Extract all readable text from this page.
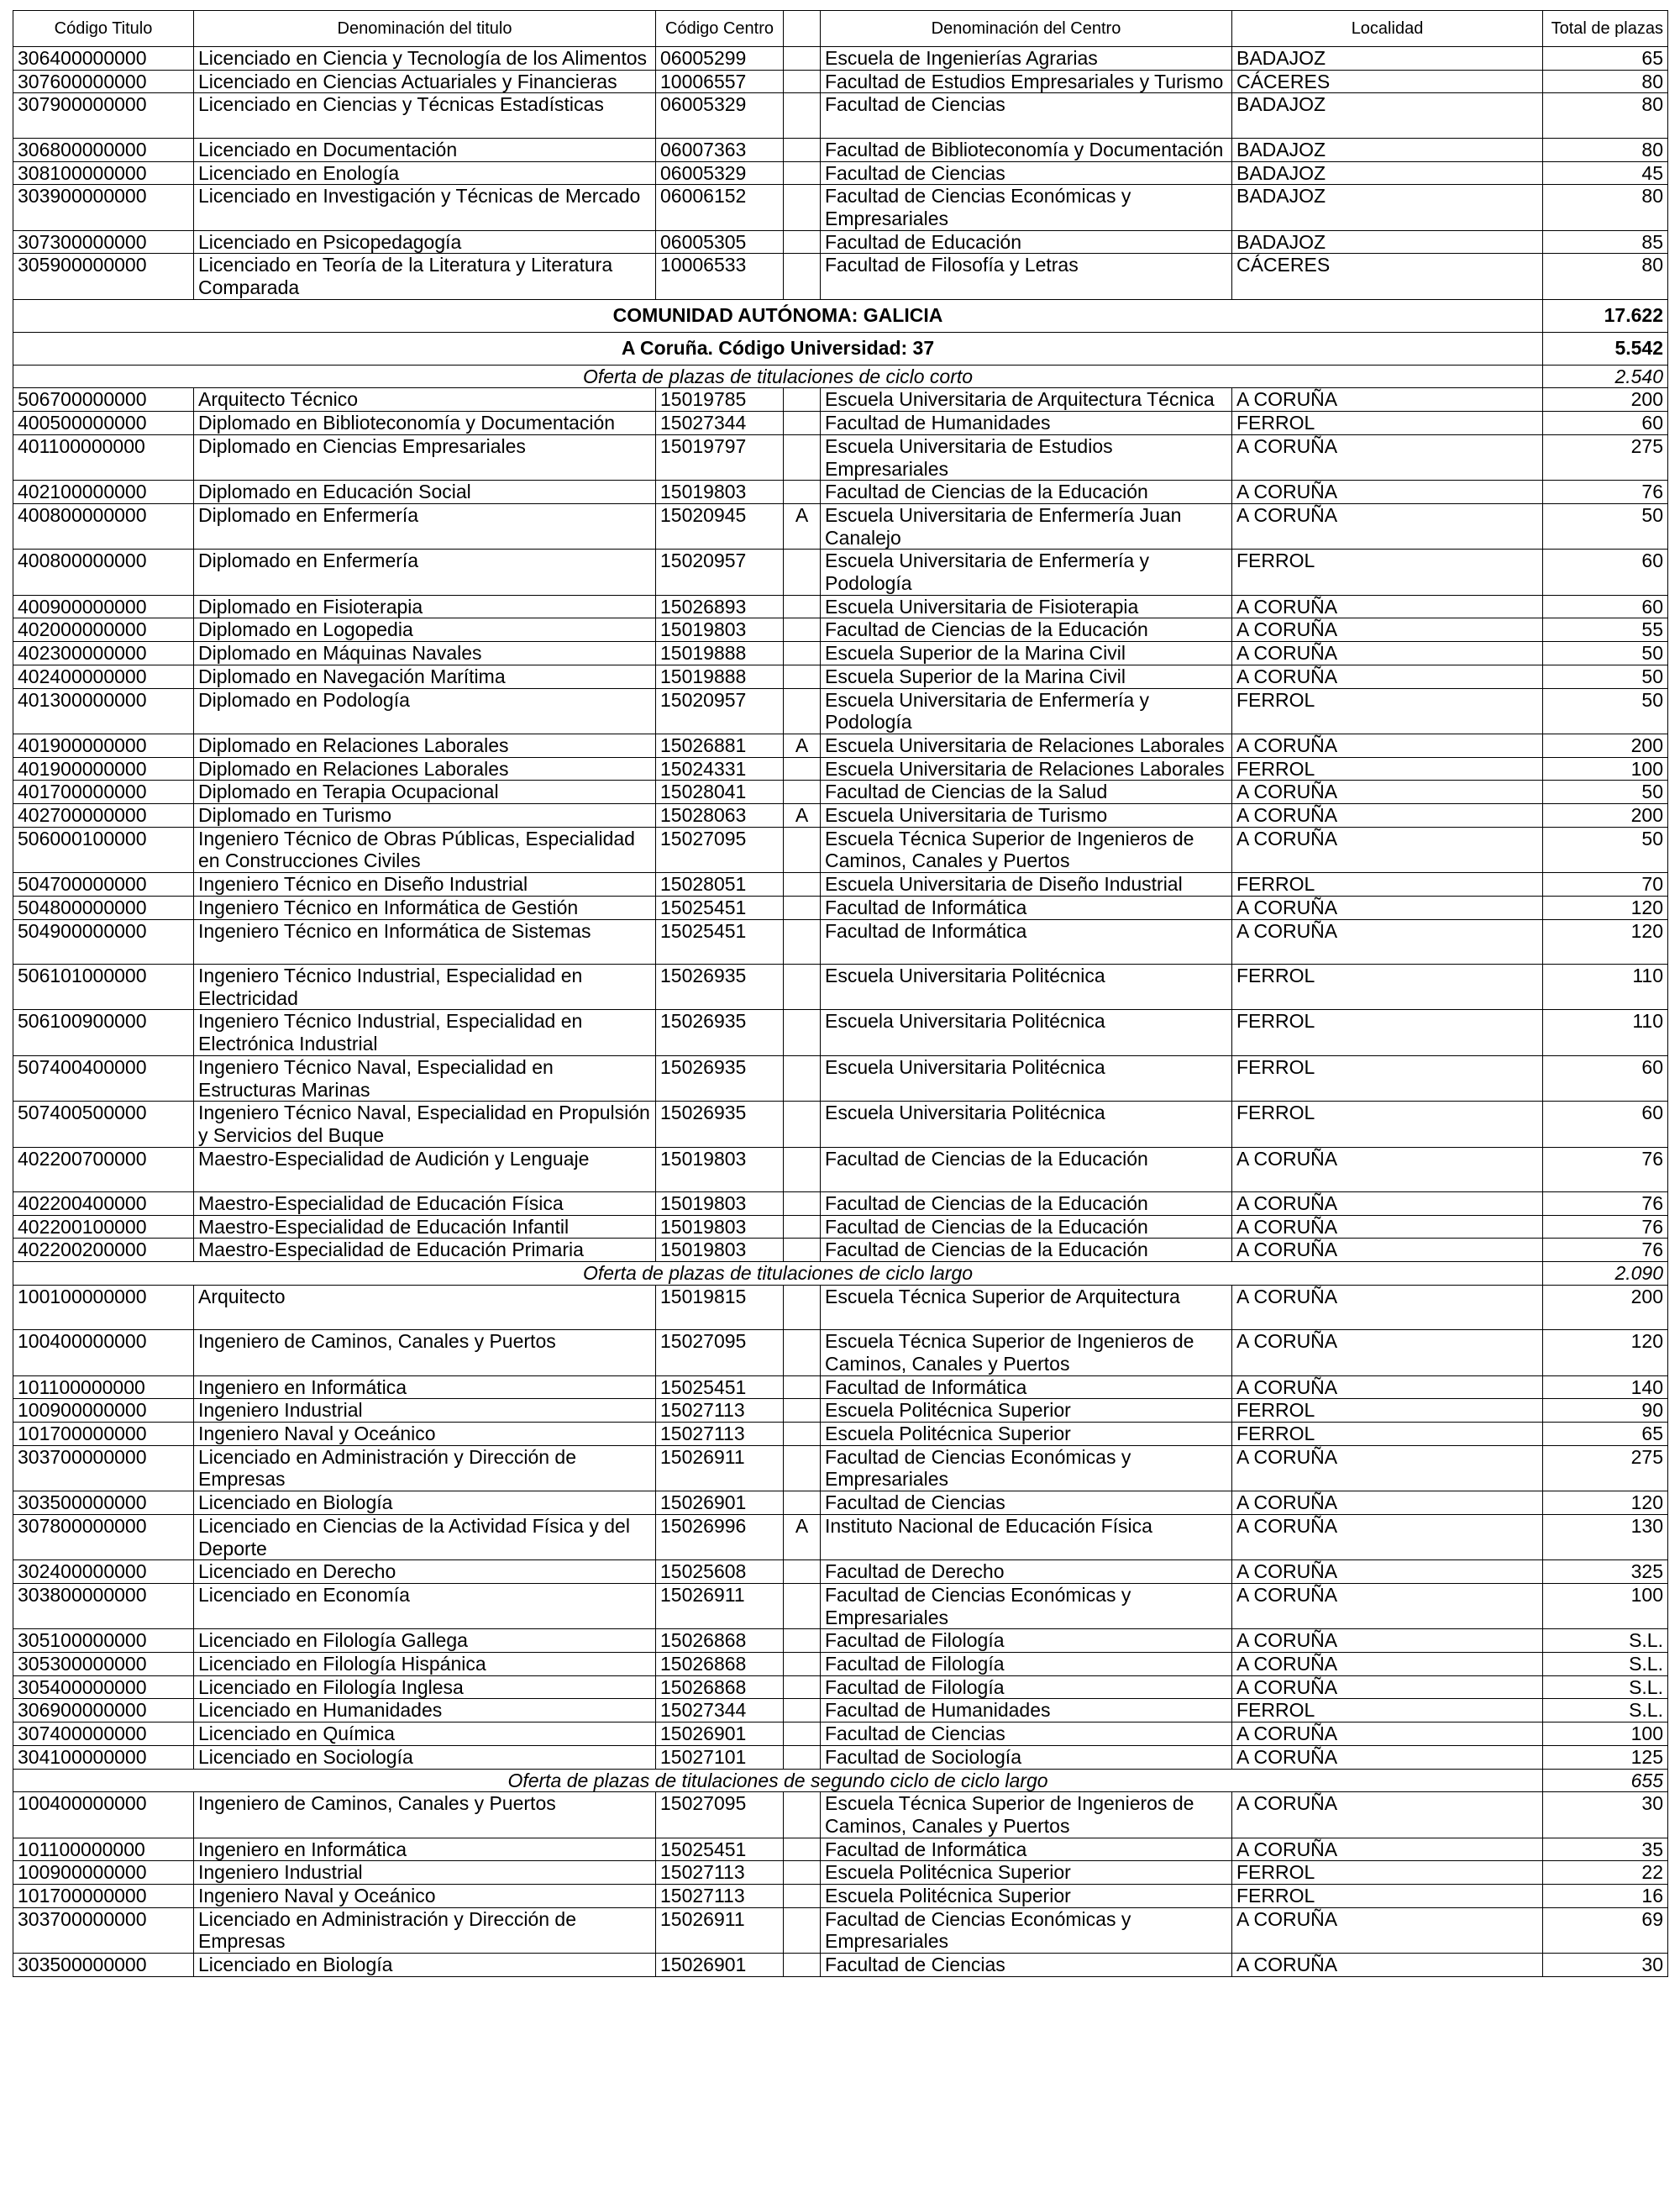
Código Titulo	Denominación del titulo	Código Centro		Denominación del Centro	Localidad	Total de plazas
306400000000	Licenciado en Ciencia y Tecnología de los Alimentos	06005299		Escuela de Ingenierías Agrarias	BADAJOZ	65
307600000000	Licenciado en Ciencias Actuariales y Financieras	10006557		Facultad de Estudios Empresariales y Turismo	CÁCERES	80
307900000000	Licenciado en Ciencias y Técnicas Estadísticas	06005329		Facultad de Ciencias	BADAJOZ	80
306800000000	Licenciado en Documentación	06007363		Facultad de Biblioteconomía y Documentación	BADAJOZ	80
308100000000	Licenciado en Enología	06005329		Facultad de Ciencias	BADAJOZ	45
303900000000	Licenciado en Investigación y Técnicas de Mercado	06006152		Facultad de Ciencias Económicas y Empresariales	BADAJOZ	80
307300000000	Licenciado en Psicopedagogía	06005305		Facultad de Educación	BADAJOZ	85
305900000000	Licenciado en Teoría de la Literatura y Literatura Comparada	10006533		Facultad de Filosofía y Letras	CÁCERES	80
COMUNIDAD AUTÓNOMA: GALICIA						17.622
A Coruña. Código Universidad: 37						5.542
Oferta de plazas de titulaciones de ciclo corto						2.540
506700000000	Arquitecto Técnico	15019785		Escuela Universitaria de Arquitectura Técnica	A CORUÑA	200
400500000000	Diplomado en Biblioteconomía y Documentación	15027344		Facultad de Humanidades	FERROL	60
401100000000	Diplomado en Ciencias Empresariales	15019797		Escuela Universitaria de Estudios Empresariales	A CORUÑA	275
402100000000	Diplomado en Educación Social	15019803		Facultad de Ciencias de la Educación	A CORUÑA	76
400800000000	Diplomado en Enfermería	15020945	A	Escuela Universitaria de Enfermería Juan Canalejo	A CORUÑA	50
400800000000	Diplomado en Enfermería	15020957		Escuela Universitaria de Enfermería y Podología	FERROL	60
400900000000	Diplomado en Fisioterapia	15026893		Escuela Universitaria de Fisioterapia	A CORUÑA	60
402000000000	Diplomado en Logopedia	15019803		Facultad de Ciencias de la Educación	A CORUÑA	55
402300000000	Diplomado en Máquinas Navales	15019888		Escuela Superior de la Marina Civil	A CORUÑA	50
402400000000	Diplomado en Navegación Marítima	15019888		Escuela Superior de la Marina Civil	A CORUÑA	50
401300000000	Diplomado en Podología	15020957		Escuela Universitaria de Enfermería y Podología	FERROL	50
401900000000	Diplomado en Relaciones Laborales	15026881	A	Escuela Universitaria de Relaciones Laborales	A CORUÑA	200
401900000000	Diplomado en Relaciones Laborales	15024331		Escuela Universitaria de Relaciones Laborales	FERROL	100
401700000000	Diplomado en Terapia Ocupacional	15028041		Facultad de Ciencias de la Salud	A CORUÑA	50
402700000000	Diplomado en Turismo	15028063	A	Escuela Universitaria de Turismo	A CORUÑA	200
506000100000	Ingeniero Técnico de Obras Públicas, Especialidad en Construcciones Civiles	15027095		Escuela Técnica Superior de Ingenieros de Caminos, Canales y Puertos	A CORUÑA	50
504700000000	Ingeniero Técnico en Diseño Industrial	15028051		Escuela Universitaria de Diseño Industrial	FERROL	70
504800000000	Ingeniero Técnico en Informática de Gestión	15025451		Facultad de Informática	A CORUÑA	120
504900000000	Ingeniero Técnico en Informática de Sistemas	15025451		Facultad de Informática	A CORUÑA	120
506101000000	Ingeniero Técnico Industrial, Especialidad en Electricidad	15026935		Escuela Universitaria Politécnica	FERROL	110
506100900000	Ingeniero Técnico Industrial, Especialidad en Electrónica Industrial	15026935		Escuela Universitaria Politécnica	FERROL	110
507400400000	Ingeniero Técnico Naval, Especialidad en Estructuras Marinas	15026935		Escuela Universitaria Politécnica	FERROL	60
507400500000	Ingeniero Técnico Naval, Especialidad en Propulsión y Servicios del Buque	15026935		Escuela Universitaria Politécnica	FERROL	60
402200700000	Maestro-Especialidad de Audición y Lenguaje	15019803		Facultad de Ciencias de la Educación	A CORUÑA	76
402200400000	Maestro-Especialidad de Educación Física	15019803		Facultad de Ciencias de la Educación	A CORUÑA	76
402200100000	Maestro-Especialidad de Educación Infantil	15019803		Facultad de Ciencias de la Educación	A CORUÑA	76
402200200000	Maestro-Especialidad de Educación Primaria	15019803		Facultad de Ciencias de la Educación	A CORUÑA	76
Oferta de plazas de titulaciones de ciclo largo						2.090
100100000000	Arquitecto	15019815		Escuela Técnica Superior de Arquitectura	A CORUÑA	200
100400000000	Ingeniero de Caminos, Canales y Puertos	15027095		Escuela Técnica Superior de Ingenieros de Caminos, Canales y Puertos	A CORUÑA	120
101100000000	Ingeniero en Informática	15025451		Facultad de Informática	A CORUÑA	140
100900000000	Ingeniero Industrial	15027113		Escuela Politécnica Superior	FERROL	90
101700000000	Ingeniero Naval y Oceánico	15027113		Escuela Politécnica Superior	FERROL	65
303700000000	Licenciado en Administración y Dirección de Empresas	15026911		Facultad de Ciencias Económicas y Empresariales	A CORUÑA	275
303500000000	Licenciado en Biología	15026901		Facultad de Ciencias	A CORUÑA	120
307800000000	Licenciado en Ciencias de la Actividad Física y del Deporte	15026996	A	Instituto Nacional de Educación Física	A CORUÑA	130
302400000000	Licenciado en Derecho	15025608		Facultad de Derecho	A CORUÑA	325
303800000000	Licenciado en Economía	15026911		Facultad de Ciencias Económicas y Empresariales	A CORUÑA	100
305100000000	Licenciado en Filología Gallega	15026868		Facultad de Filología	A CORUÑA	S.L.
305300000000	Licenciado en Filología Hispánica	15026868		Facultad de Filología	A CORUÑA	S.L.
305400000000	Licenciado en Filología Inglesa	15026868		Facultad de Filología	A CORUÑA	S.L.
306900000000	Licenciado en Humanidades	15027344		Facultad de Humanidades	FERROL	S.L.
307400000000	Licenciado en Química	15026901		Facultad de Ciencias	A CORUÑA	100
304100000000	Licenciado en Sociología	15027101		Facultad de Sociología	A CORUÑA	125
Oferta de plazas de titulaciones de segundo ciclo de ciclo largo						655
100400000000	Ingeniero de Caminos, Canales y Puertos	15027095		Escuela Técnica Superior de Ingenieros de Caminos, Canales y Puertos	A CORUÑA	30
101100000000	Ingeniero en Informática	15025451		Facultad de Informática	A CORUÑA	35
100900000000	Ingeniero Industrial	15027113		Escuela Politécnica Superior	FERROL	22
101700000000	Ingeniero Naval y Oceánico	15027113		Escuela Politécnica Superior	FERROL	16
303700000000	Licenciado en Administración y Dirección de Empresas	15026911		Facultad de Ciencias Económicas y Empresariales	A CORUÑA	69
303500000000	Licenciado en Biología	15026901		Facultad de Ciencias	A CORUÑA	30
